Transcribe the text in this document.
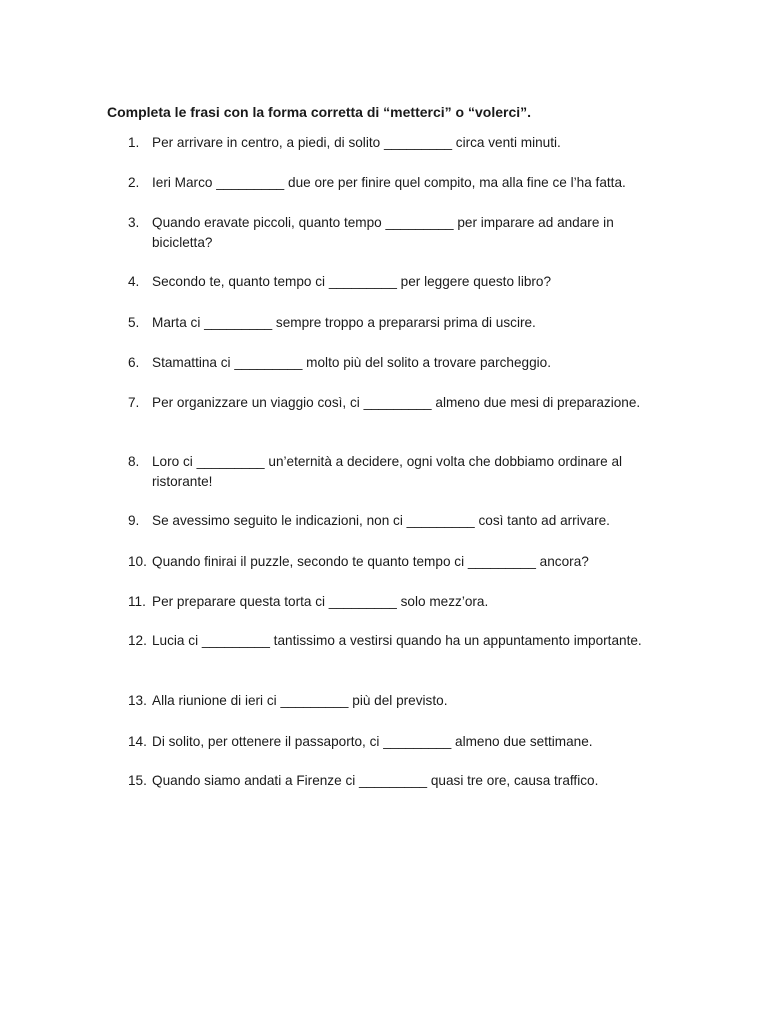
Completa le frasi con la forma corretta di “metterci” o “volerci”.
1. Per arrivare in centro, a piedi, di solito _________ circa venti minuti.
2. Ieri Marco _________ due ore per finire quel compito, ma alla fine ce l’ha fatta.
3. Quando eravate piccoli, quanto tempo _________ per imparare ad andare in bicicletta?
4. Secondo te, quanto tempo ci _________ per leggere questo libro?
5. Marta ci _________ sempre troppo a prepararsi prima di uscire.
6. Stamattina ci _________ molto più del solito a trovare parcheggio.
7. Per organizzare un viaggio così, ci _________ almeno due mesi di preparazione.
8. Loro ci _________ un’eternità a decidere, ogni volta che dobbiamo ordinare al ristorante!
9. Se avessimo seguito le indicazioni, non ci _________ così tanto ad arrivare.
10. Quando finirai il puzzle, secondo te quanto tempo ci _________ ancora?
11. Per preparare questa torta ci _________ solo mezz’ora.
12. Lucia ci _________ tantissimo a vestirsi quando ha un appuntamento importante.
13. Alla riunione di ieri ci _________ più del previsto.
14. Di solito, per ottenere il passaporto, ci _________ almeno due settimane.
15. Quando siamo andati a Firenze ci _________ quasi tre ore, causa traffico.
